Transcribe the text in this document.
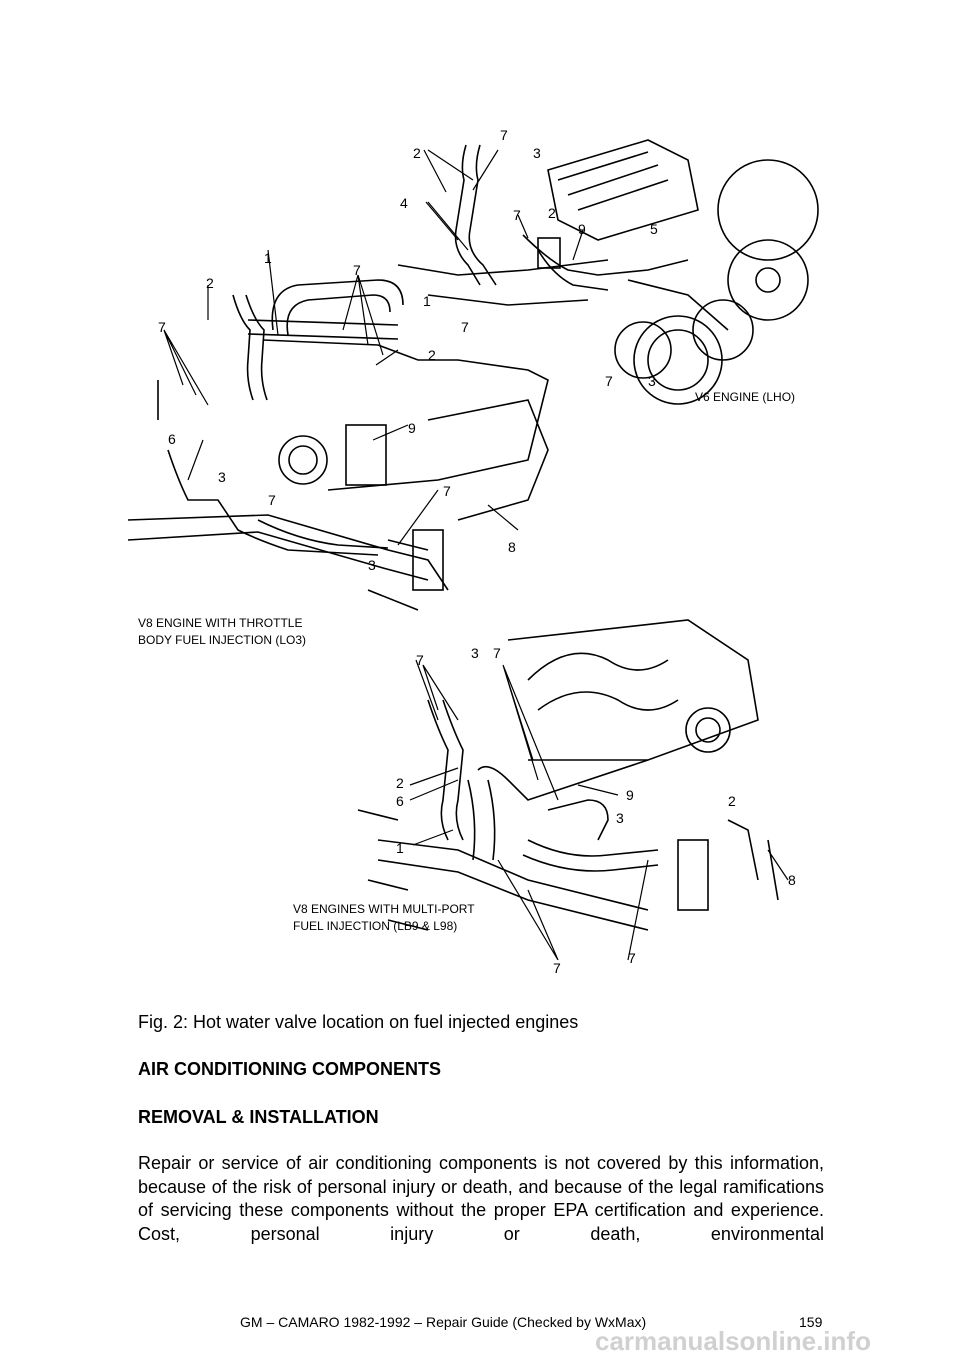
7
2	3
4
7 2
9	5
1
7
7	3
1
2
7
7
2
6
3
9
7
7
3
8
7	3 7
2
6	9	2
3
1
8
7
7
V6 ENGINE (LHO)
V8 ENGINE WITH THROTTLE
BODY FUEL INJECTION (LO3)
V8 ENGINES WITH MULTI-PORT
FUEL INJECTION (LB9 & L98)
Fig. 2: Hot water valve location on fuel injected engines
AIR CONDITIONING COMPONENTS
REMOVAL & INSTALLATION
Repair or service of air conditioning components is not covered by this information, because of the risk of personal injury or death, and because of the legal ramifications of servicing these components without the proper EPA certification and experience. Cost, personal injury or death, environmental
GM – CAMARO 1982-1992 – Repair Guide (Checked by WxMax)	159
carmanualsonline.info
